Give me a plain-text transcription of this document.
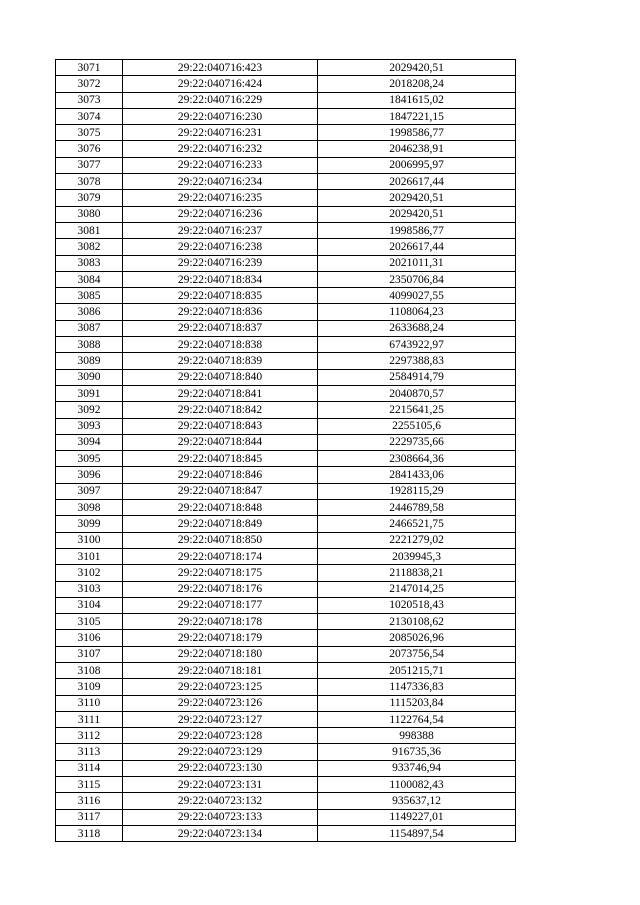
3071	29:22:040716:423	2029420,51
3072	29:22:040716:424	2018208,24
3073	29:22:040716:229	1841615,02
3074	29:22:040716:230	1847221,15
3075	29:22:040716:231	1998586,77
3076	29:22:040716:232	2046238,91
3077	29:22:040716:233	2006995,97
3078	29:22:040716:234	2026617,44
3079	29:22:040716:235	2029420,51
3080	29:22:040716:236	2029420,51
3081	29:22:040716:237	1998586,77
3082	29:22:040716:238	2026617,44
3083	29:22:040716:239	2021011,31
3084	29:22:040718:834	2350706,84
3085	29:22:040718:835	4099027,55
3086	29:22:040718:836	1108064,23
3087	29:22:040718:837	2633688,24
3088	29:22:040718:838	6743922,97
3089	29:22:040718:839	2297388,83
3090	29:22:040718:840	2584914,79
3091	29:22:040718:841	2040870,57
3092	29:22:040718:842	2215641,25
3093	29:22:040718:843	2255105,6
3094	29:22:040718:844	2229735,66
3095	29:22:040718:845	2308664,36
3096	29:22:040718:846	2841433,06
3097	29:22:040718:847	1928115,29
3098	29:22:040718:848	2446789,58
3099	29:22:040718:849	2466521,75
3100	29:22:040718:850	2221279,02
3101	29:22:040718:174	2039945,3
3102	29:22:040718:175	2118838,21
3103	29:22:040718:176	2147014,25
3104	29:22:040718:177	1020518,43
3105	29:22:040718:178	2130108,62
3106	29:22:040718:179	2085026,96
3107	29:22:040718:180	2073756,54
3108	29:22:040718:181	2051215,71
3109	29:22:040723:125	1147336,83
3110	29:22:040723:126	1115203,84
3111	29:22:040723:127	1122764,54
3112	29:22:040723:128	998388
3113	29:22:040723:129	916735,36
3114	29:22:040723:130	933746,94
3115	29:22:040723:131	1100082,43
3116	29:22:040723:132	935637,12
3117	29:22:040723:133	1149227,01
3118	29:22:040723:134	1154897,54
